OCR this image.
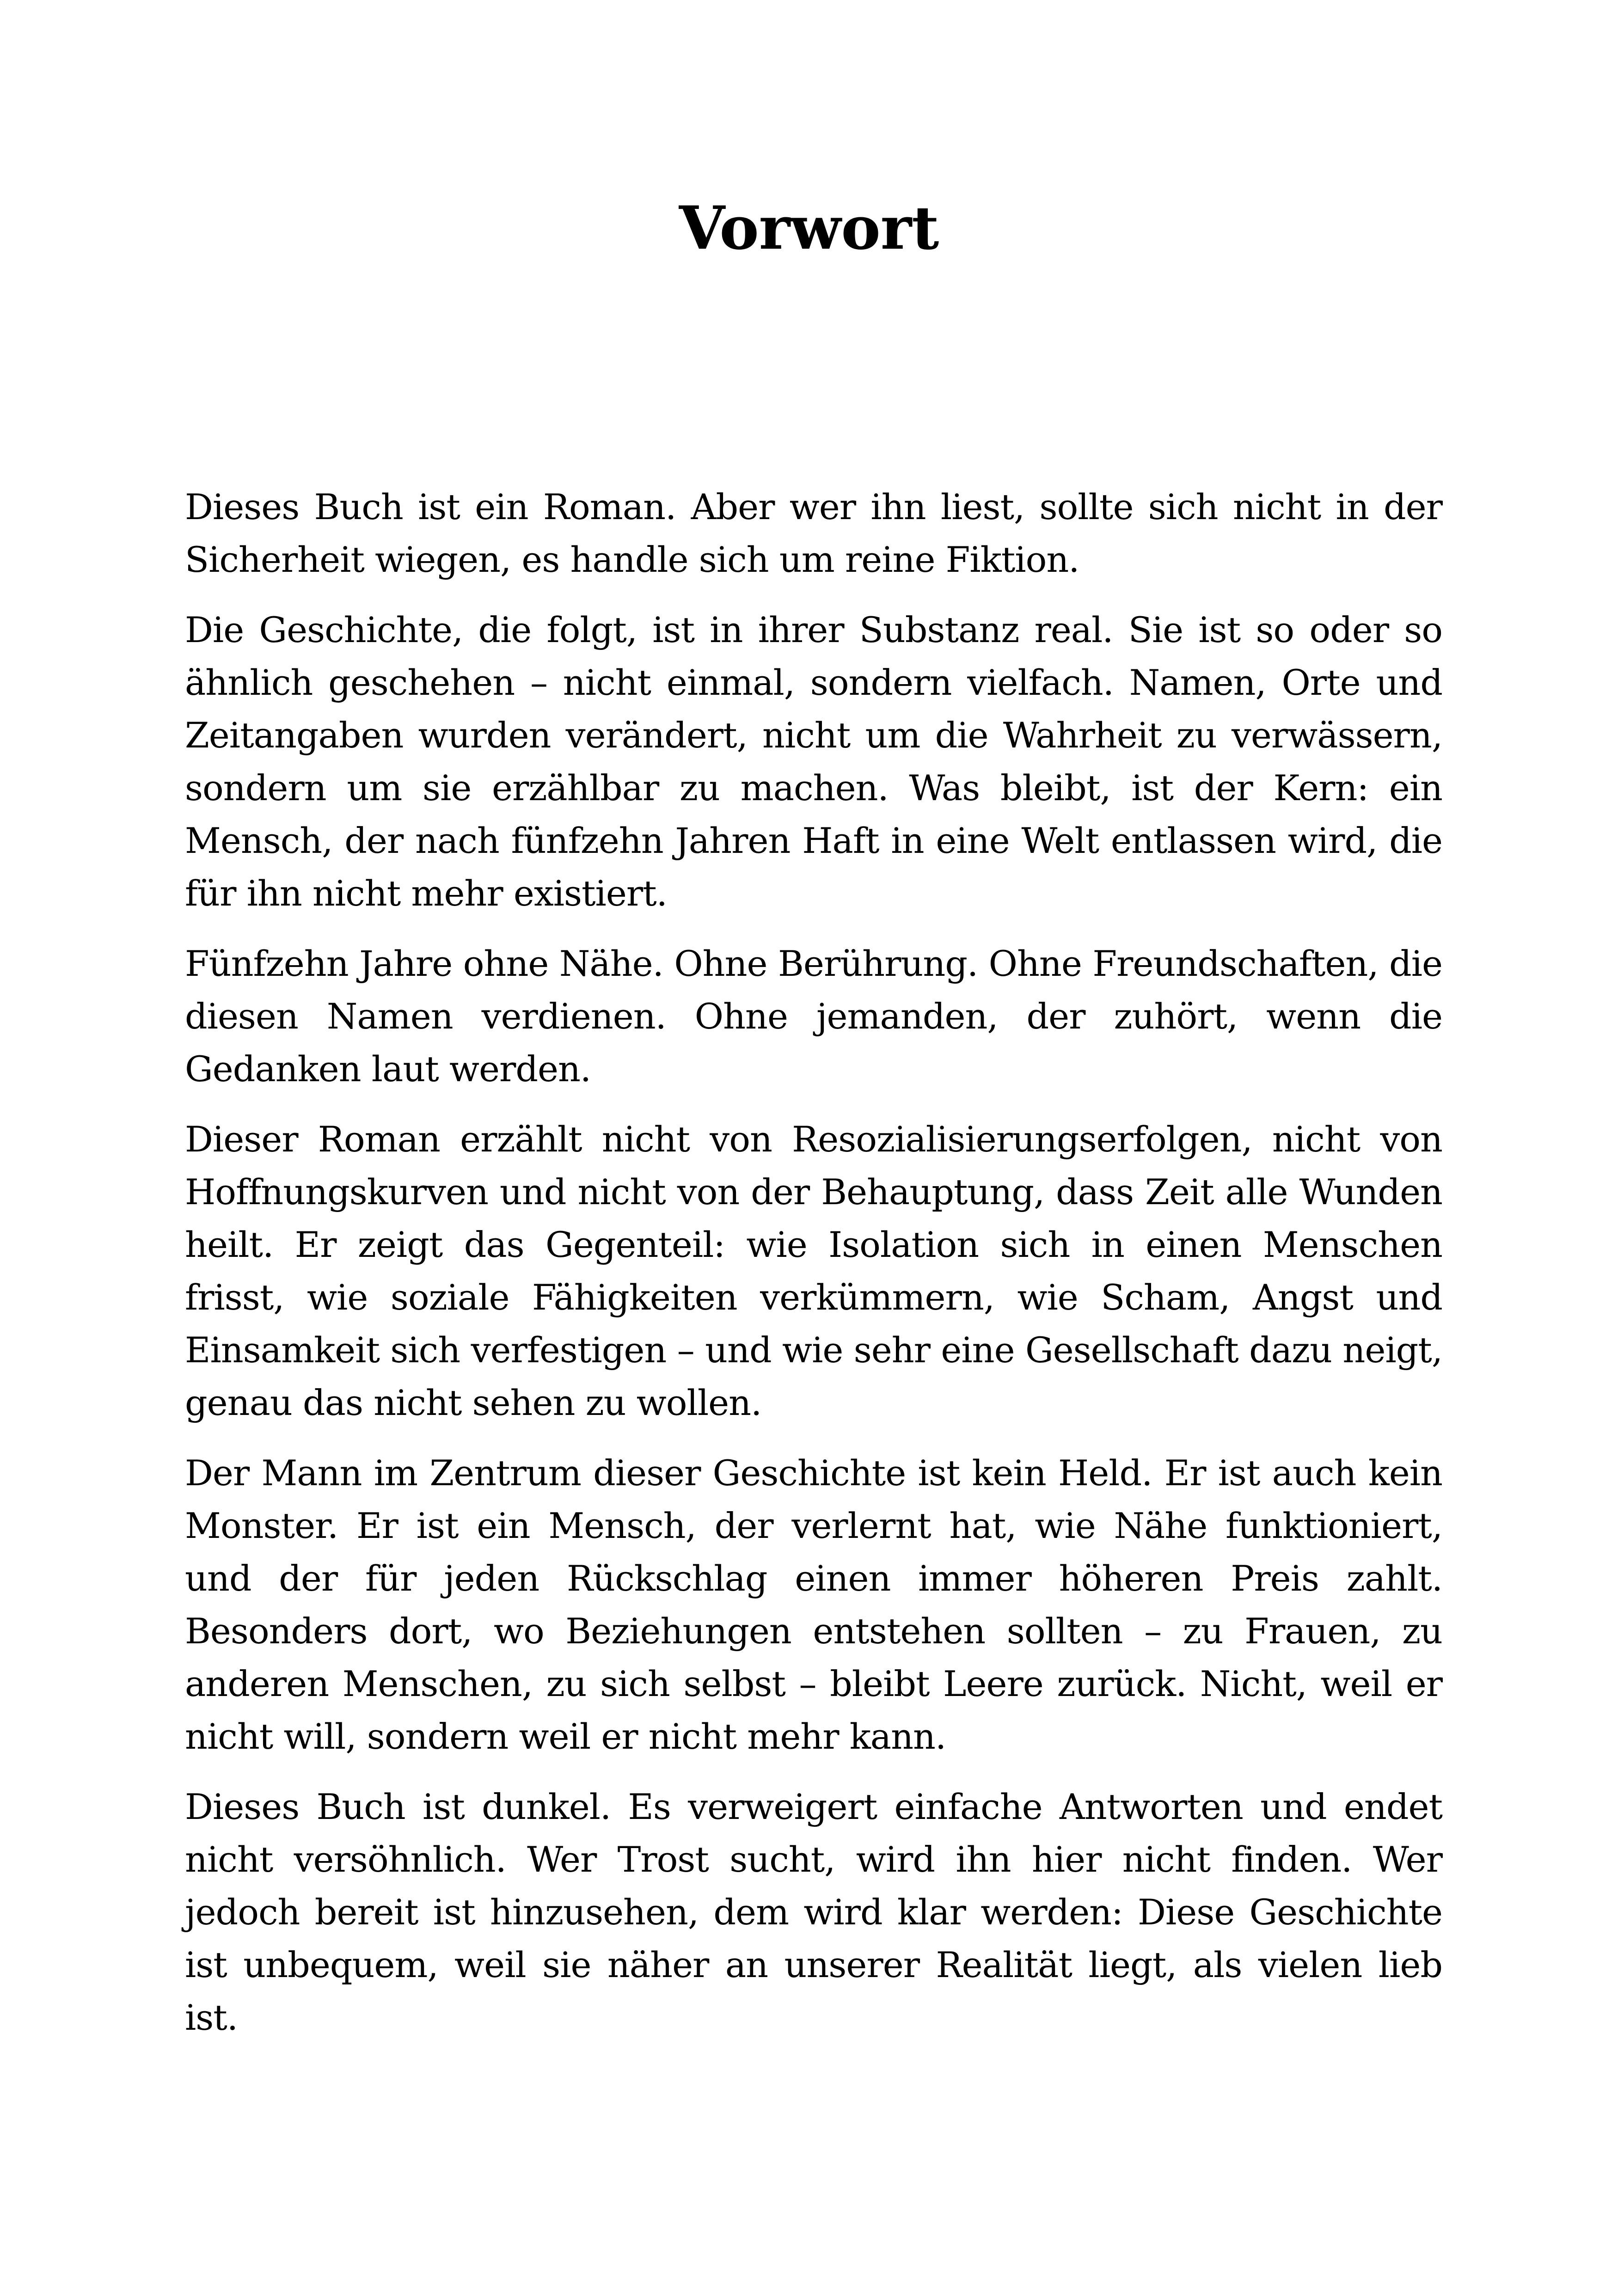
Vorwort

Dieses Buch ist ein Roman. Aber wer ihn liest, sollte sich nicht in der Sicherheit wiegen, es handle sich um reine Fiktion.

Die Geschichte, die folgt, ist in ihrer Substanz real. Sie ist so oder so ähnlich geschehen – nicht einmal, sondern vielfach. Namen, Orte und Zeitangaben wurden verändert, nicht um die Wahrheit zu verwässern, sondern um sie erzählbar zu machen. Was bleibt, ist der Kern: ein Mensch, der nach fünfzehn Jahren Haft in eine Welt entlassen wird, die für ihn nicht mehr existiert.

Fünfzehn Jahre ohne Nähe. Ohne Berührung. Ohne Freundschaften, die diesen Namen verdienen. Ohne jemanden, der zuhört, wenn die Gedanken laut werden.

Dieser Roman erzählt nicht von Resozialisierungserfolgen, nicht von Hoffnungskurven und nicht von der Behauptung, dass Zeit alle Wunden heilt. Er zeigt das Gegenteil: wie Isolation sich in einen Menschen frisst, wie soziale Fähigkeiten verkümmern, wie Scham, Angst und Einsamkeit sich verfestigen – und wie sehr eine Gesellschaft dazu neigt, genau das nicht sehen zu wollen.

Der Mann im Zentrum dieser Geschichte ist kein Held. Er ist auch kein Monster. Er ist ein Mensch, der verlernt hat, wie Nähe funktioniert, und der für jeden Rückschlag einen immer höheren Preis zahlt. Besonders dort, wo Beziehungen entstehen sollten – zu Frauen, zu anderen Menschen, zu sich selbst – bleibt Leere zurück. Nicht, weil er nicht will, sondern weil er nicht mehr kann.

Dieses Buch ist dunkel. Es verweigert einfache Antworten und endet nicht versöhnlich. Wer Trost sucht, wird ihn hier nicht finden. Wer jedoch bereit ist hinzusehen, dem wird klar werden: Diese Geschichte ist unbequem, weil sie näher an unserer Realität liegt, als vielen lieb ist.
